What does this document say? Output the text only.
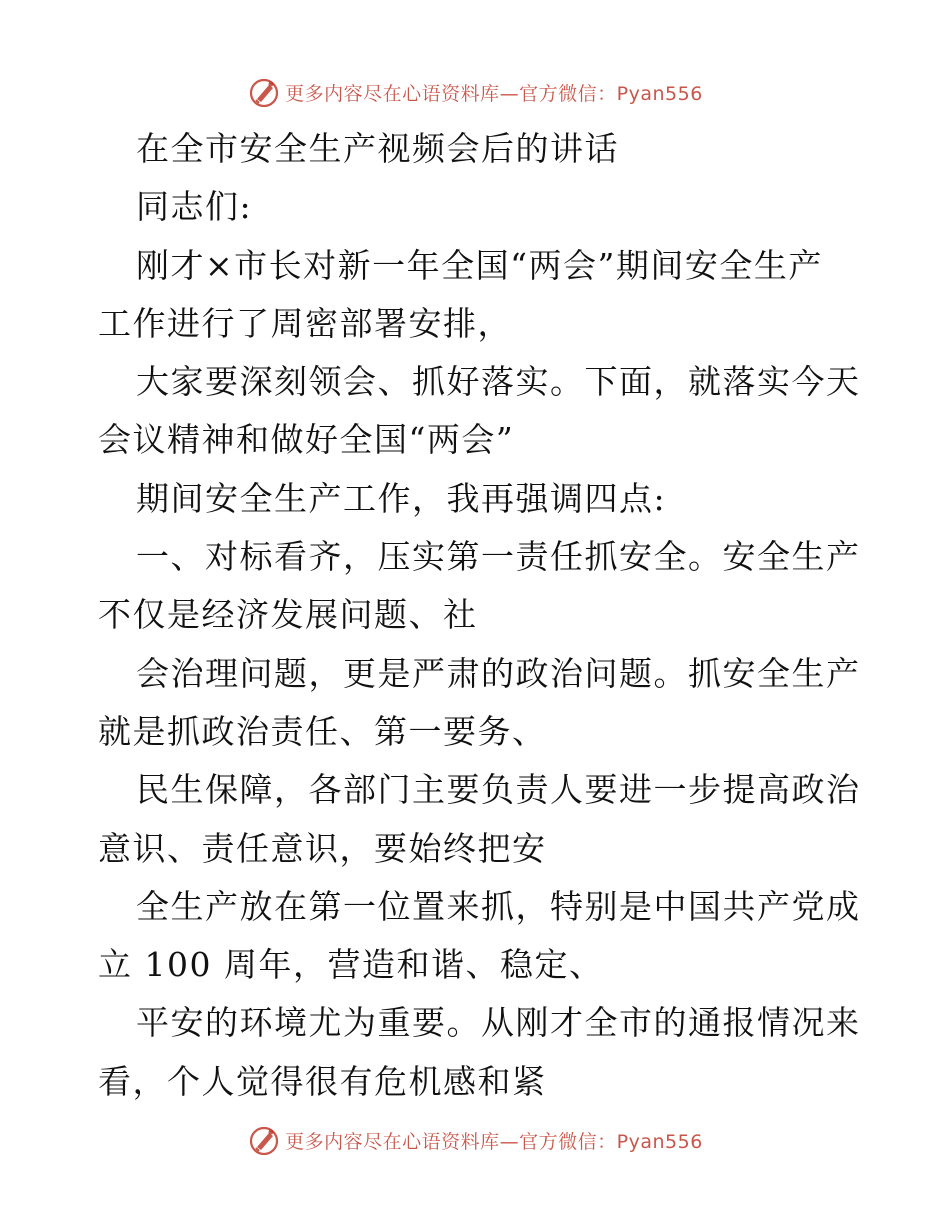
更多内容尽在心语资料库—官方微信：Pyan556
在全市安全生产视频会后的讲话
同志们:
刚才×市长对新一年全国“两会”期间安全生产
工作进行了周密部署安排，
大家要深刻领会、抓好落实。下面，就落实今天
会议精神和做好全国“两会”
期间安全生产工作，我再强调四点:
一、对标看齐，压实第一责任抓安全。安全生产
不仅是经济发展问题、社
会治理问题，更是严肃的政治问题。抓安全生产
就是抓政治责任、第一要务、
民生保障，各部门主要负责人要进一步提高政治
意识、责任意识，要始终把安
全生产放在第一位置来抓，特别是中国共产党成
立 100 周年，营造和谐、稳定、
平安的环境尤为重要。从刚才全市的通报情况来
看，个人觉得很有危机感和紧
更多内容尽在心语资料库—官方微信：Pyan556
